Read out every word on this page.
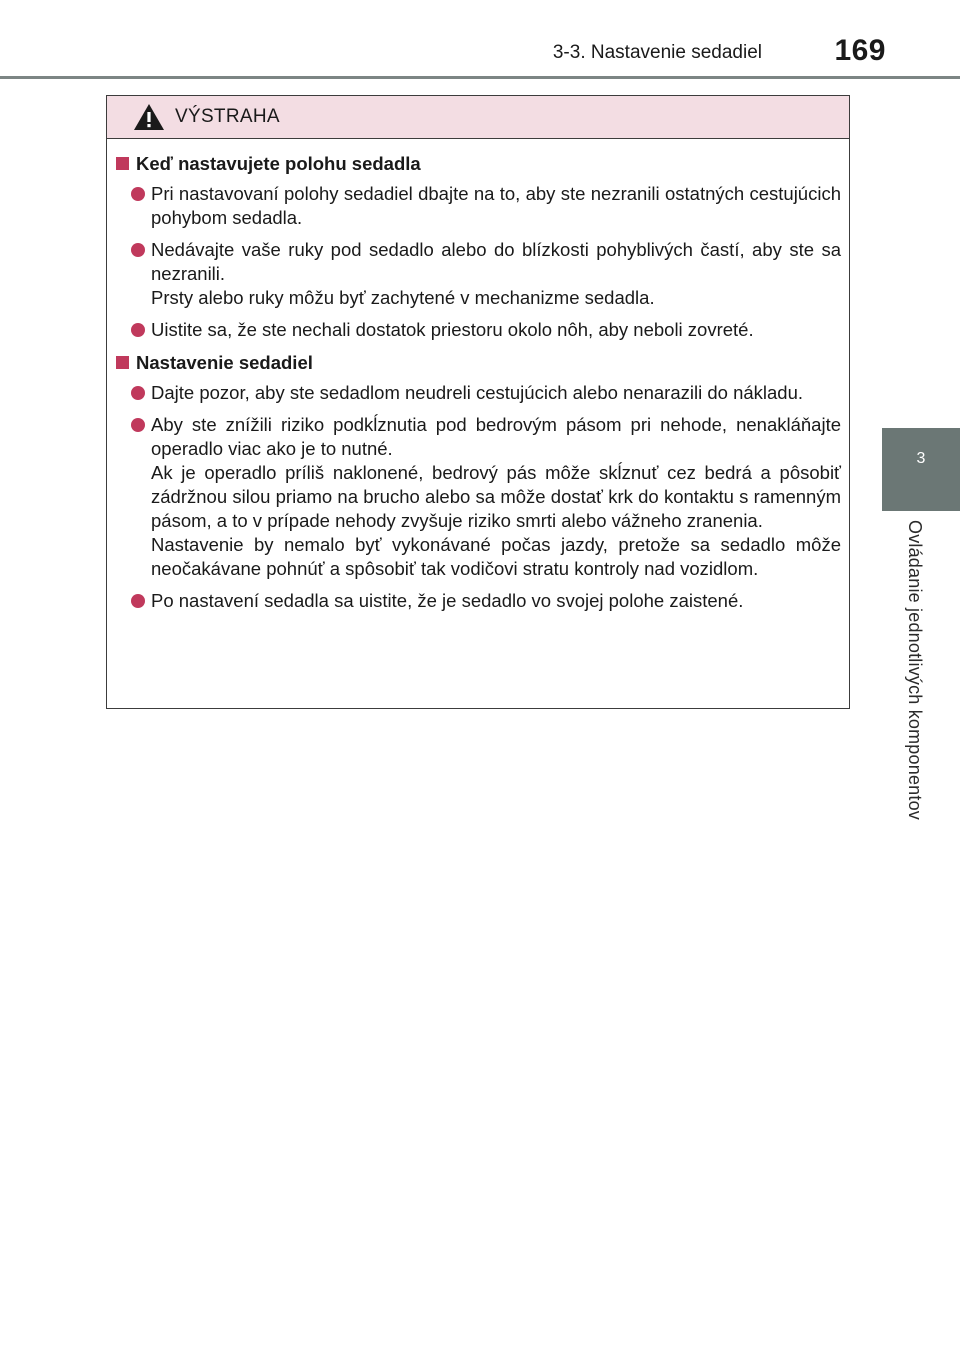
3-3. Nastavenie sedadiel 169
3
Ovládanie jednotlivých komponentov
VÝSTRAHA
Keď nastavujete polohu sedadla

Pri nastavovaní polohy sedadiel dbajte na to, aby ste nezranili ostatných cestujúcich pohybom sedadla.

Nedávajte vaše ruky pod sedadlo alebo do blízkosti pohyblivých častí, aby ste sa nezranili.

Prsty alebo ruky môžu byť zachytené v mechanizme sedadla.

Uistite sa, že ste nechali dostatok priestoru okolo nôh, aby neboli zovreté.

Nastavenie sedadiel

Dajte pozor, aby ste sedadlom neudreli cestujúcich alebo nenarazili do nákladu.

Aby ste znížili riziko podkĺznutia pod bedrovým pásom pri nehode, nenakláňajte operadlo viac ako je to nutné.

Ak je operadlo príliš naklonené, bedrový pás môže skĺznuť cez bedrá a pôsobiť zádržnou silou priamo na brucho alebo sa môže dostať krk do kontaktu s ramenným pásom, a to v prípade nehody zvyšuje riziko smrti alebo vážneho zranenia.

Nastavenie by nemalo byť vykonávané počas jazdy, pretože sa sedadlo môže neočakávane pohnúť a spôsobiť tak vodičovi stratu kontroly nad vozidlom.

Po nastavení sedadla sa uistite, že je sedadlo vo svojej polohe zaistené.
